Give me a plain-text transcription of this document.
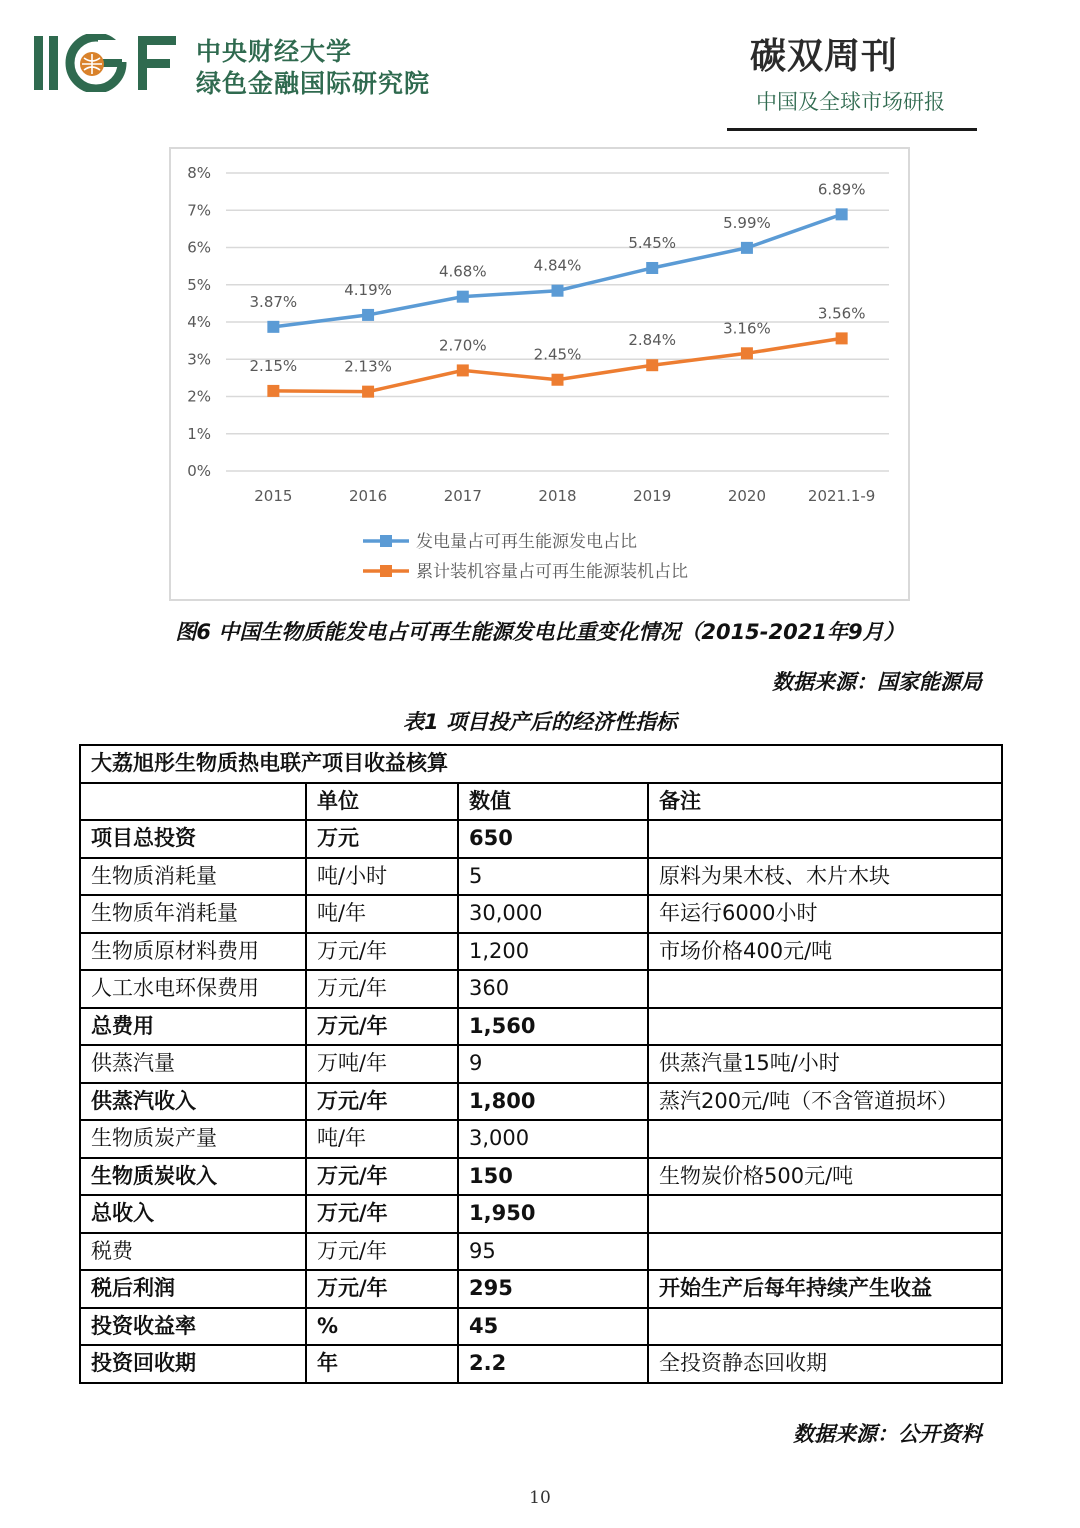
中央财经大学
绿色金融国际研究院
碳双周刊
中国及全球市场研报
0%
1%
2%
3%
4%
5%
6%
7%
8%
2015	2016	2017	2018	2019	2020	2021.1-9
3.87%
4.19%
4.68%	4.84%
5.45%
5.99%
6.89%
发电量占可再生能源发电占比
2.15%	2.13%
2.70%
2.45%
2.84%
3.16%
3.56%
累计装机容量占可再生能源装机占比
图6 中国生物质能发电占可再生能源发电比重变化情况（2015-2021年9月）
数据来源：国家能源局
表1 项目投产后的经济性指标
大荔旭彤生物质热电联产项目收益核算			
	单位	数值	备注
项目总投资	万元	650	
生物质消耗量	吨/小时	5	原料为果木枝、木片木块
生物质年消耗量	吨/年	30,000	年运行6000小时
生物质原材料费用	万元/年	1,200	市场价格400元/吨
人工水电环保费用	万元/年	360	
总费用	万元/年	1,560	
供蒸汽量	万吨/年	9	供蒸汽量15吨/小时
供蒸汽收入	万元/年	1,800	蒸汽200元/吨（不含管道损坏）
生物质炭产量	吨/年	3,000	
生物质炭收入	万元/年	150	生物炭价格500元/吨
总收入	万元/年	1,950	
税费	万元/年	95	
税后利润	万元/年	295	开始生产后每年持续产生收益
投资收益率	%	45	
投资回收期	年	2.2	全投资静态回收期
数据来源：公开资料
10
